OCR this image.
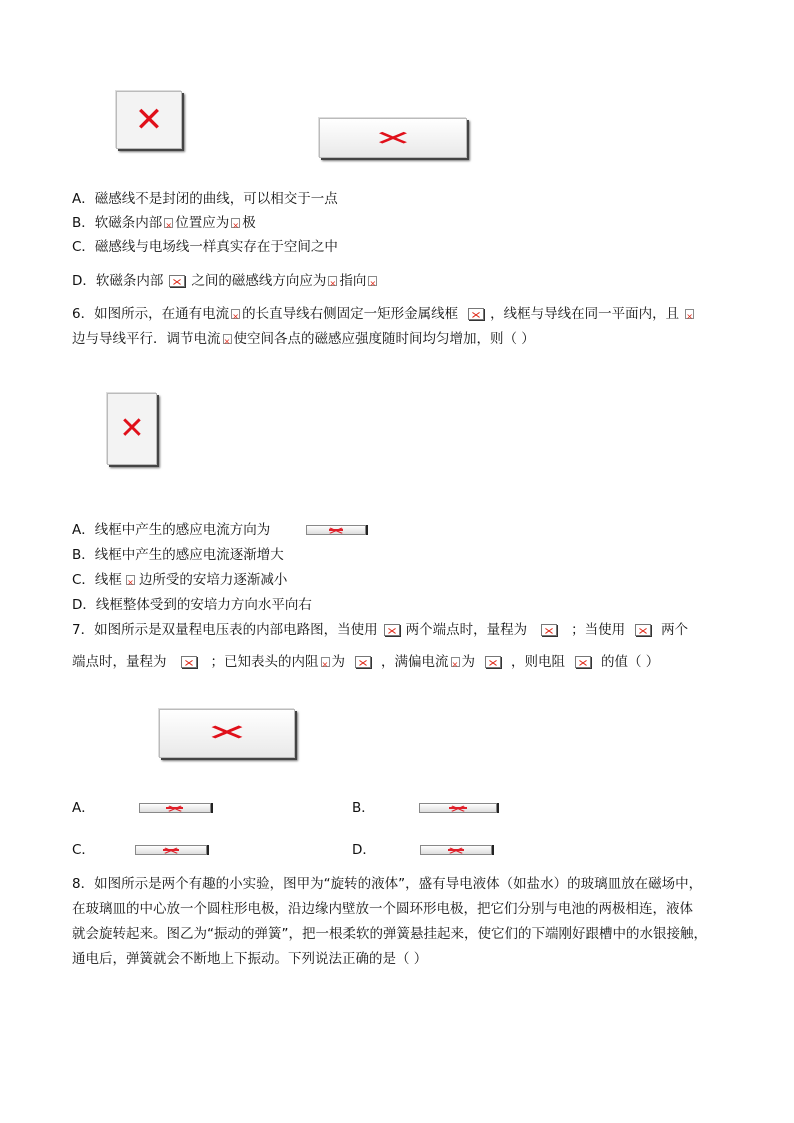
✕	✕
A．磁感线不是封闭的曲线，可以相交于一点
B．软磁条内部 × 位置应为 × 极
C．磁感线与电场线一样真实存在于空间之中
D．软磁条内部 × 之间的磁感线方向应为 × 指向×
6．如图所示，在通有电流 × 的长直导线右侧固定一矩形金属线框 × ，线框与导线在同一平面内，且×
边与导线平行．调节电流 × 使空间各点的磁感应强度随时间均匀增加，则（ ）
✕
A．线框中产生的感应电流方向为×
B．线框中产生的感应电流逐渐增大
C．线框 × 边所受的安培力逐渐减小
D．线框整体受到的安培力方向水平向右
7．如图所示是双量程电压表的内部电路图，当使用 × 两个端点时，量程为 ×	；当使用 ×	两个
端点时，量程为 ×	；已知表头的内阻 × 为 ×	，满偏电流 × 为 ×	，则电阻 ×	的值（ ）
✕
A． ×	B．×
C． ×	D．×
8．如图所示是两个有趣的小实验，图甲为“旋转的液体”，盛有导电液体（如盐水）的玻璃皿放在磁场中，
在玻璃皿的中心放一个圆柱形电极，沿边缘内壁放一个圆环形电极，把它们分别与电池的两极相连，液体
就会旋转起来。图乙为“振动的弹簧”，把一根柔软的弹簧悬挂起来，使它们的下端刚好跟槽中的水银接触，
通电后，弹簧就会不断地上下振动。下列说法正确的是（ ）
